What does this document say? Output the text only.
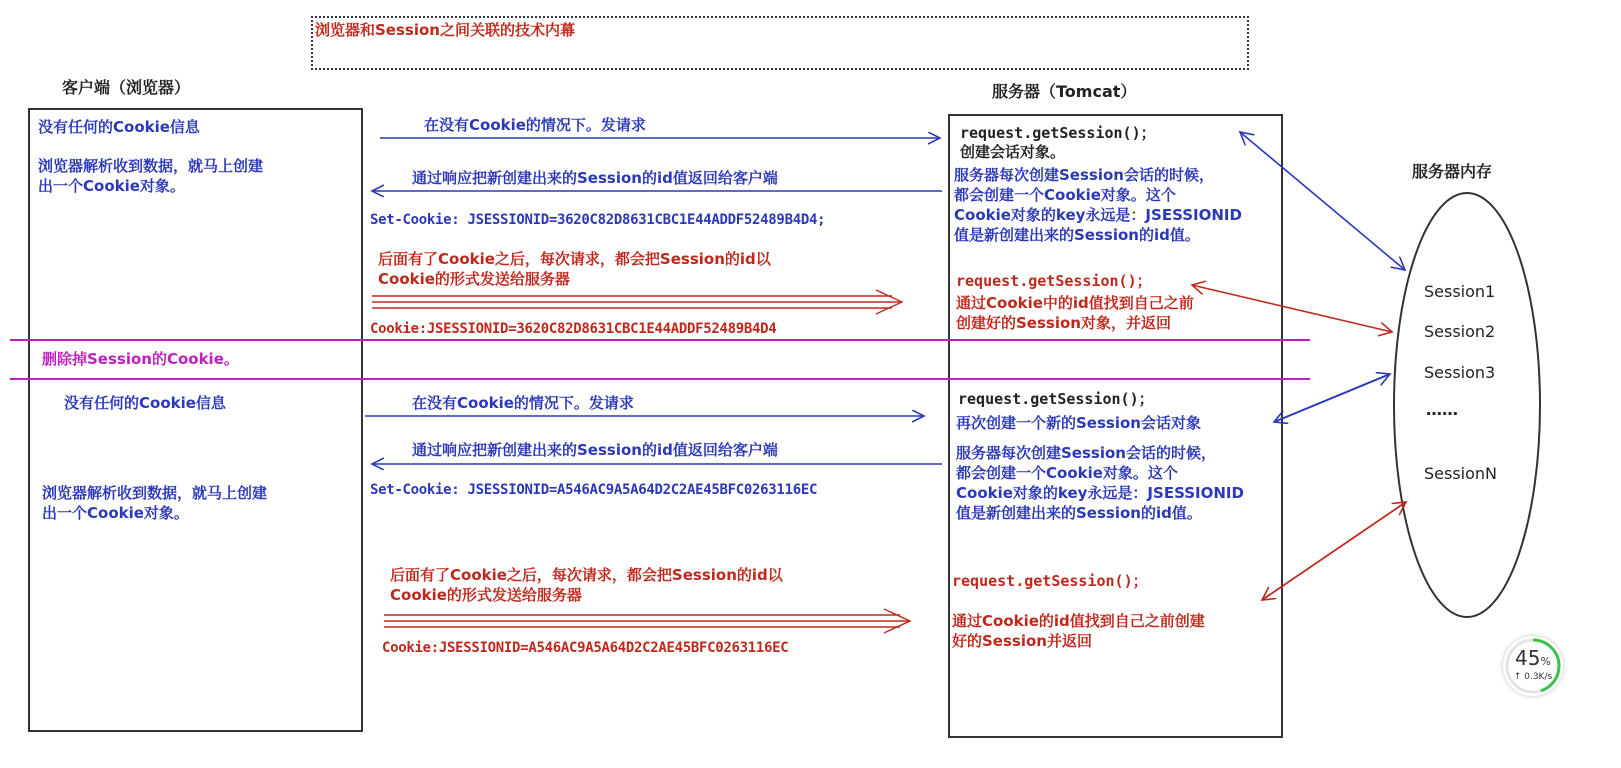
浏览器和Session之间关联的技术内幕
客户端（浏览器）	服务器（Tomcat）
服务器内存
没有任何的Cookie信息
浏览器解析收到数据，就马上创建
出一个Cookie对象。
没有任何的Cookie信息
浏览器解析收到数据，就马上创建
出一个Cookie对象。
在没有Cookie的情况下。发请求
通过响应把新创建出来的Session的id值返回给客户端
Set-Cookie: JSESSIONID=3620C82D8631CBC1E44ADDF52489B4D4;
后面有了Cookie之后，每次请求，都会把Session的id以
Cookie的形式发送给服务器
Cookie:JSESSIONID=3620C82D8631CBC1E44ADDF52489B4D4
删除掉Session的Cookie。
在没有Cookie的情况下。发请求
通过响应把新创建出来的Session的id值返回给客户端
Set-Cookie: JSESSIONID=A546AC9A5A64D2C2AE45BFC0263116EC
后面有了Cookie之后，每次请求，都会把Session的id以
Cookie的形式发送给服务器
Cookie:JSESSIONID=A546AC9A5A64D2C2AE45BFC0263116EC
request.getSession()；
创建会话对象。
服务器每次创建Session会话的时候，
都会创建一个Cookie对象。这个
Cookie对象的key永远是：JSESSIONID
值是新创建出来的Session的id值。
request.getSession()；
通过Cookie中的id值找到自己之前
创建好的Session对象，并返回
request.getSession()；
再次创建一个新的Session会话对象
服务器每次创建Session会话的时候，
都会创建一个Cookie对象。这个
Cookie对象的key永远是：JSESSIONID
值是新创建出来的Session的id值。
request.getSession()；
通过Cookie的id值找到自己之前创建
好的Session并返回
Session1
Session2
Session3
……
SessionN
45%
↑ 0.3K/s
